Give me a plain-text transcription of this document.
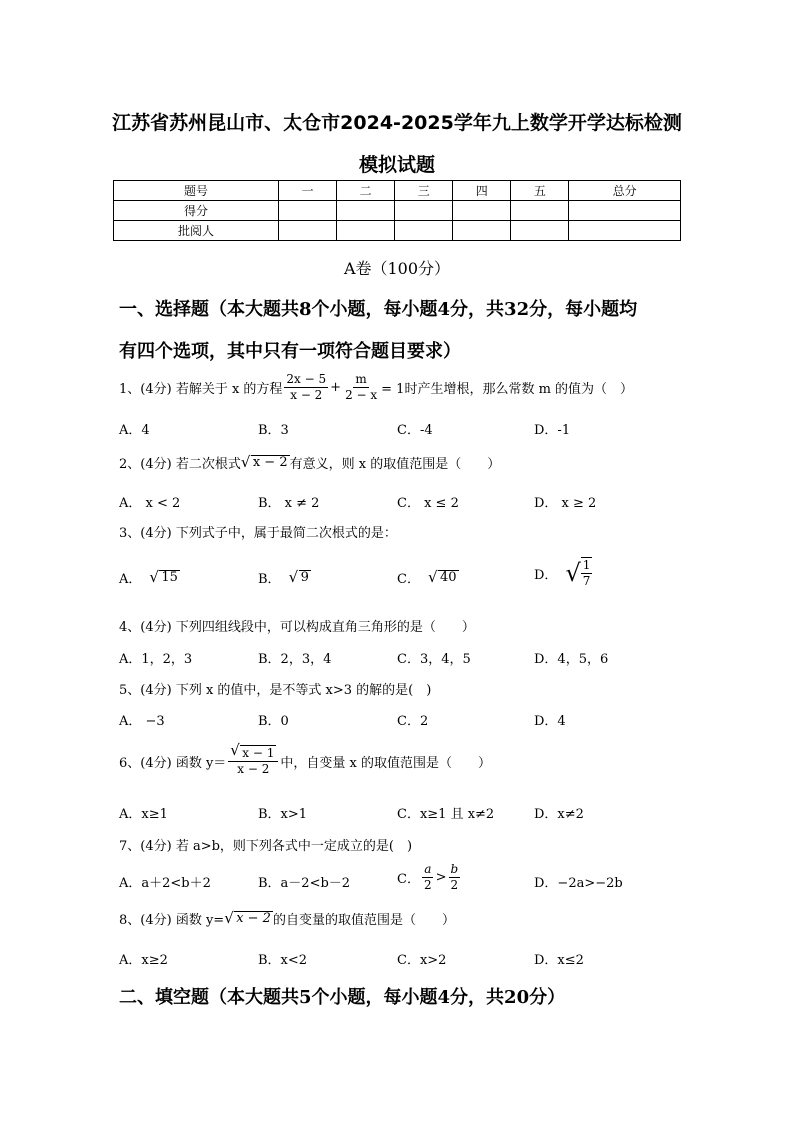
江苏省苏州昆山市、太仓市2024-2025学年九上数学开学达标检测
模拟试题
题号	一	二	三	四	五	总分
得分						
批阅人						
A卷（100分）
一、选择题（本大题共8个小题，每小题4分，共32分，每小题均
有四个选项，其中只有一项符合题目要求）
1、(4分) 若解关于 x 的方程 $\frac{2x - 5}{x - 2} + \frac{m}{2 - x} = 1$时产生增根，那么常数 m 的值为（　）
A．4	B．3	C．-4	D．-1
2、(4分) 若二次根式 √ x − 2 有意义，则 x 的取值范围是（　　）
A． x < 2	B． x ≠ 2	C． x ≤ 2	D． x ≥ 2
3、(4分) 下列式子中，属于最简二次根式的是：
A．	√ 15	B．	√ 9	C．	√ 40	D． √ $\frac{1}{7}$
4、(4分) 下列四组线段中，可以构成直角三角形的是（　　）
A．1，2，3	B．2，3，4	C．3，4，5	D．4，5，6
5、(4分) 下列 x 的值中，是不等式 x>3 的解的是(　)
A． −3	B．0	C．2	D．4
6、(4分) 函数 y＝ √ $\frac{x - 1}{x - 2}$ 中，自变量 x 的取值范围是（　　）
A．x≥1	B．x>1	C．x≥1 且 x≠2	D．x≠2
7、(4分) 若 a>b，则下列各式中一定成立的是(　)
A．a＋2<b＋2	B．a－2<b－2	C． $\frac{a}{2} > \frac{b}{2}$	D．−2a>−2b
8、(4分) 函数 y= √ x − 2 的自变量的取值范围是（　　）
A．x≥2	B．x<2	C．x>2	D．x≤2
二、填空题（本大题共5个小题，每小题4分，共20分）
